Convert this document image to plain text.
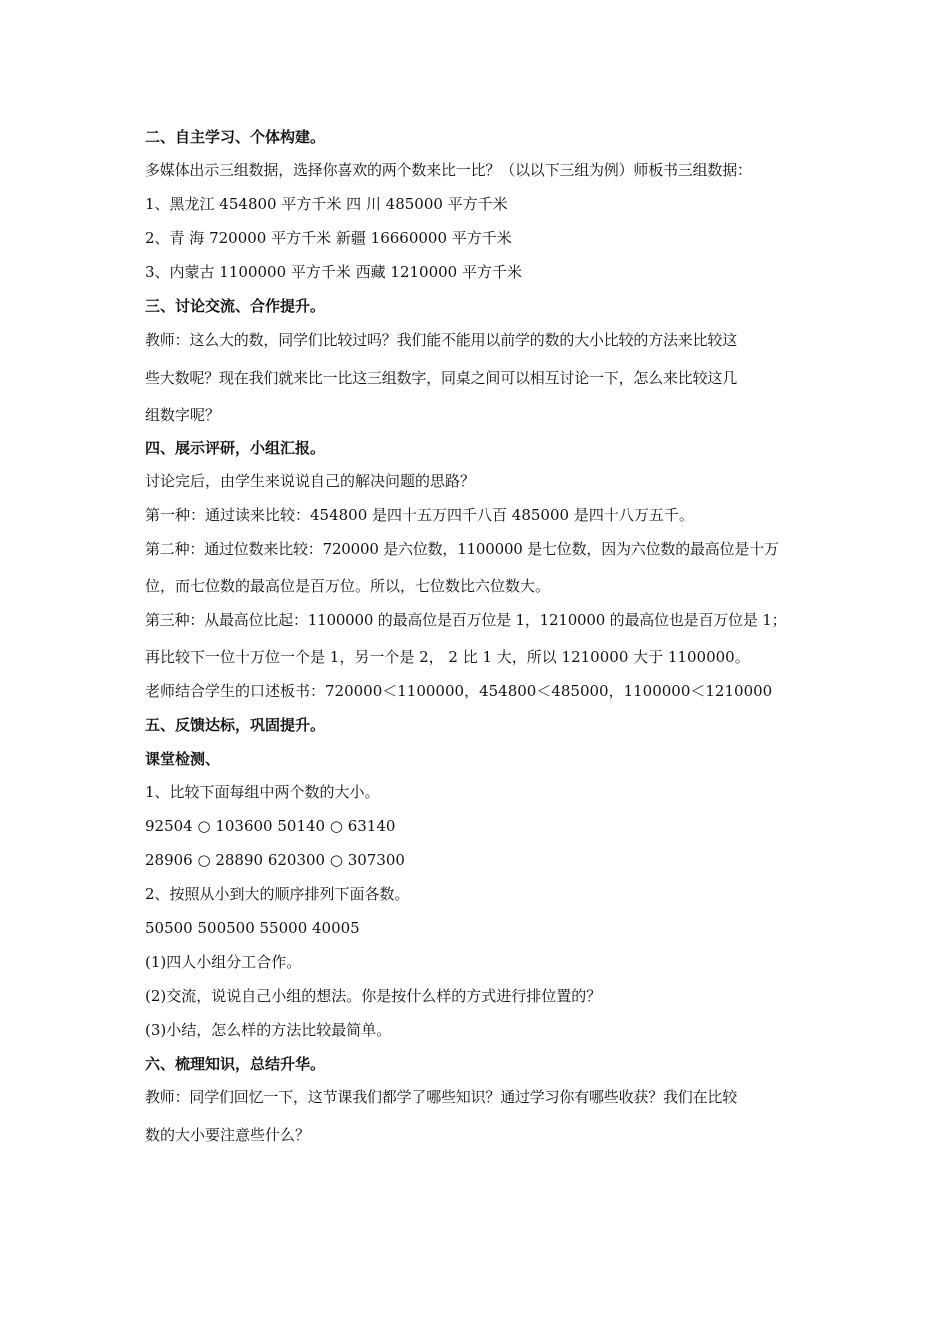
二、自主学习、个体构建。
多媒体出示三组数据，选择你喜欢的两个数来比一比？（以以下三组为例）师板书三组数据：
1、黑龙江 454800 平方千米 四 川 485000 平方千米
2、青 海 720000 平方千米 新疆 16660000 平方千米
3、内蒙古 1100000 平方千米 西藏 1210000 平方千米
三、讨论交流、合作提升。
教师：这么大的数，同学们比较过吗？我们能不能用以前学的数的大小比较的方法来比较这
些大数呢？现在我们就来比一比这三组数字，同桌之间可以相互讨论一下，怎么来比较这几
组数字呢？
四、展示评研，小组汇报。
讨论完后，由学生来说说自己的解决问题的思路？
第一种：通过读来比较：454800 是四十五万四千八百 485000 是四十八万五千。
第二种：通过位数来比较：720000 是六位数，1100000 是七位数，因为六位数的最高位是十万
位，而七位数的最高位是百万位。所以，七位数比六位数大。
第三种：从最高位比起：1100000 的最高位是百万位是 1，1210000 的最高位也是百万位是 1；
再比较下一位十万位一个是 1，另一个是 2， 2 比 1 大，所以 1210000 大于 1100000。
老师结合学生的口述板书：720000＜1100000，454800＜485000，1100000＜1210000
五、反馈达标，巩固提升。
课堂检测、
1、比较下面每组中两个数的大小。
92504 ○ 103600 50140 ○ 63140
28906 ○ 28890 620300 ○ 307300
2、按照从小到大的顺序排列下面各数。
50500 500500 55000 40005
(1)四人小组分工合作。
(2)交流，说说自己小组的想法。你是按什么样的方式进行排位置的？
(3)小结，怎么样的方法比较最简单。
六、梳理知识，总结升华。
教师：同学们回忆一下，这节课我们都学了哪些知识？通过学习你有哪些收获？我们在比较
数的大小要注意些什么？
